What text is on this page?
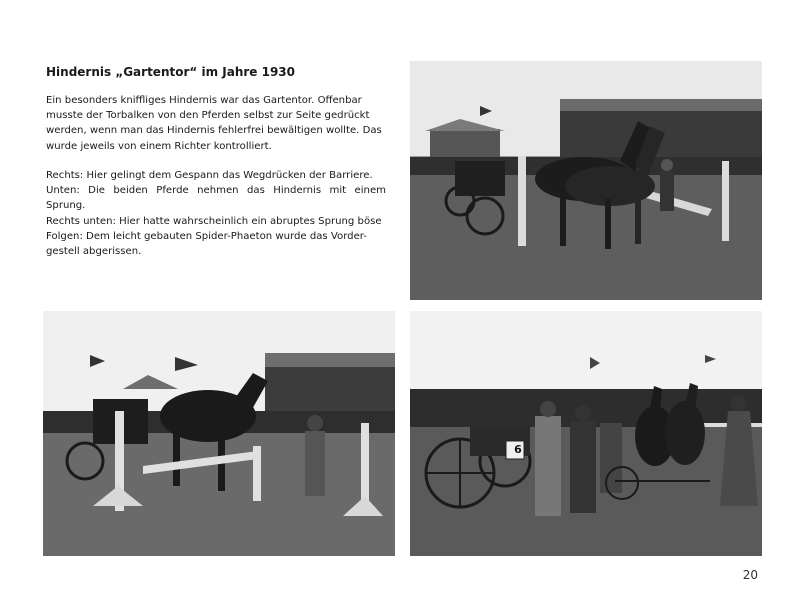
Hindernis „Gartentor“ im Jahre 1930

Ein besonders kniffliges Hindernis war das Gartentor. Offenbar
musste der Torbalken von den Pferden selbst zur Seite gedrückt
werden, wenn man das Hindernis fehlerfrei bewältigen wollte. Das
wurde jeweils von einem Richter kontrolliert.

Rechts: Hier gelingt dem Gespann das Wegdrücken der Barriere.
Unten: Die beiden Pferde nehmen das Hindernis mit einem Sprung.
Rechts unten: Hier hatte wahrscheinlich ein abruptes Sprung böse
Folgen: Dem leicht gebauten Spider-Phaeton wurde das Vorder-
gestell abgerissen.

6
20
